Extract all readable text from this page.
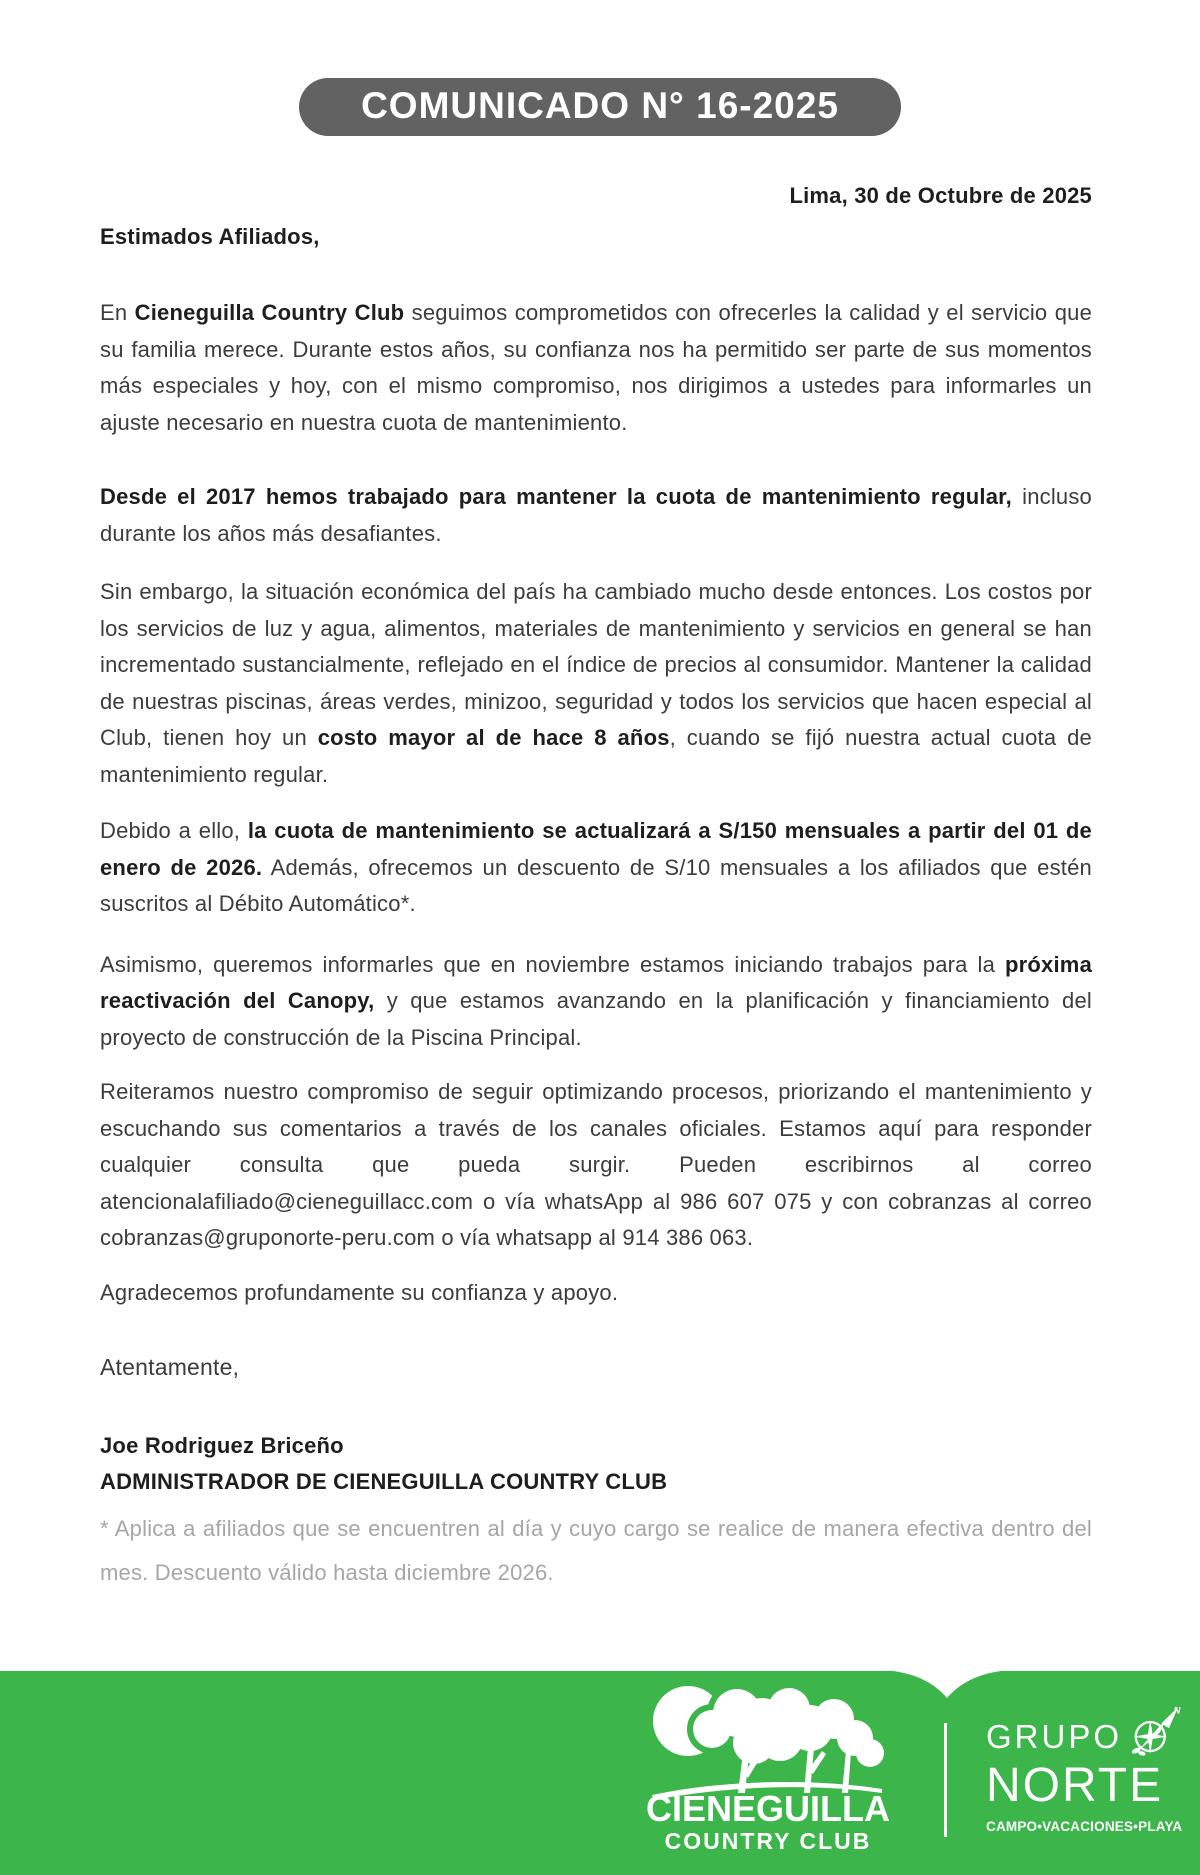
COMUNICADO N° 16-2025
Lima, 30 de Octubre de 2025
Estimados Afiliados,
En Cieneguilla Country Club seguimos comprometidos con ofrecerles la calidad y el servicio que su familia merece. Durante estos años, su confianza nos ha permitido ser parte de sus momentos más especiales y hoy, con el mismo compromiso, nos dirigimos a ustedes para informarles un ajuste necesario en nuestra cuota de mantenimiento.
Desde el 2017 hemos trabajado para mantener la cuota de mantenimiento regular, incluso durante los años más desafiantes.
Sin embargo, la situación económica del país ha cambiado mucho desde entonces. Los costos por los servicios de luz y agua, alimentos, materiales de mantenimiento y servicios en general se han incrementado sustancialmente, reflejado en el índice de precios al consumidor. Mantener la calidad de nuestras piscinas, áreas verdes, minizoo, seguridad y todos los servicios que hacen especial al Club, tienen hoy un costo mayor al de hace 8 años, cuando se fijó nuestra actual cuota de mantenimiento regular.
Debido a ello, la cuota de mantenimiento se actualizará a S/150 mensuales a partir del 01 de enero de 2026. Además, ofrecemos un descuento de S/10 mensuales a los afiliados que estén suscritos al Débito Automático*.
Asimismo, queremos informarles que en noviembre estamos iniciando trabajos para la próxima reactivación del Canopy, y que estamos avanzando en la planificación y financiamiento del proyecto de construcción de la Piscina Principal.
Reiteramos nuestro compromiso de seguir optimizando procesos, priorizando el mantenimiento y escuchando sus comentarios a través de los canales oficiales. Estamos aquí para responder cualquier consulta que pueda surgir. Pueden escribirnos al correo atencionalafiliado@cieneguillacc.com o vía whatsApp al 986 607 075 y con cobranzas al correo cobranzas@gruponorte-peru.com o vía whatsapp al 914 386 063.
Agradecemos profundamente su confianza y apoyo.
Atentamente,
Joe Rodriguez Briceño
ADMINISTRADOR DE CIENEGUILLA COUNTRY CLUB
* Aplica a afiliados que se encuentren al día y cuyo cargo se realice de manera efectiva dentro del mes. Descuento válido hasta diciembre 2026.
CIENEGUILLA
COUNTRY CLUB
GRUPO
N
NORTE
CAMPO•VACACIONES•PLAYA
